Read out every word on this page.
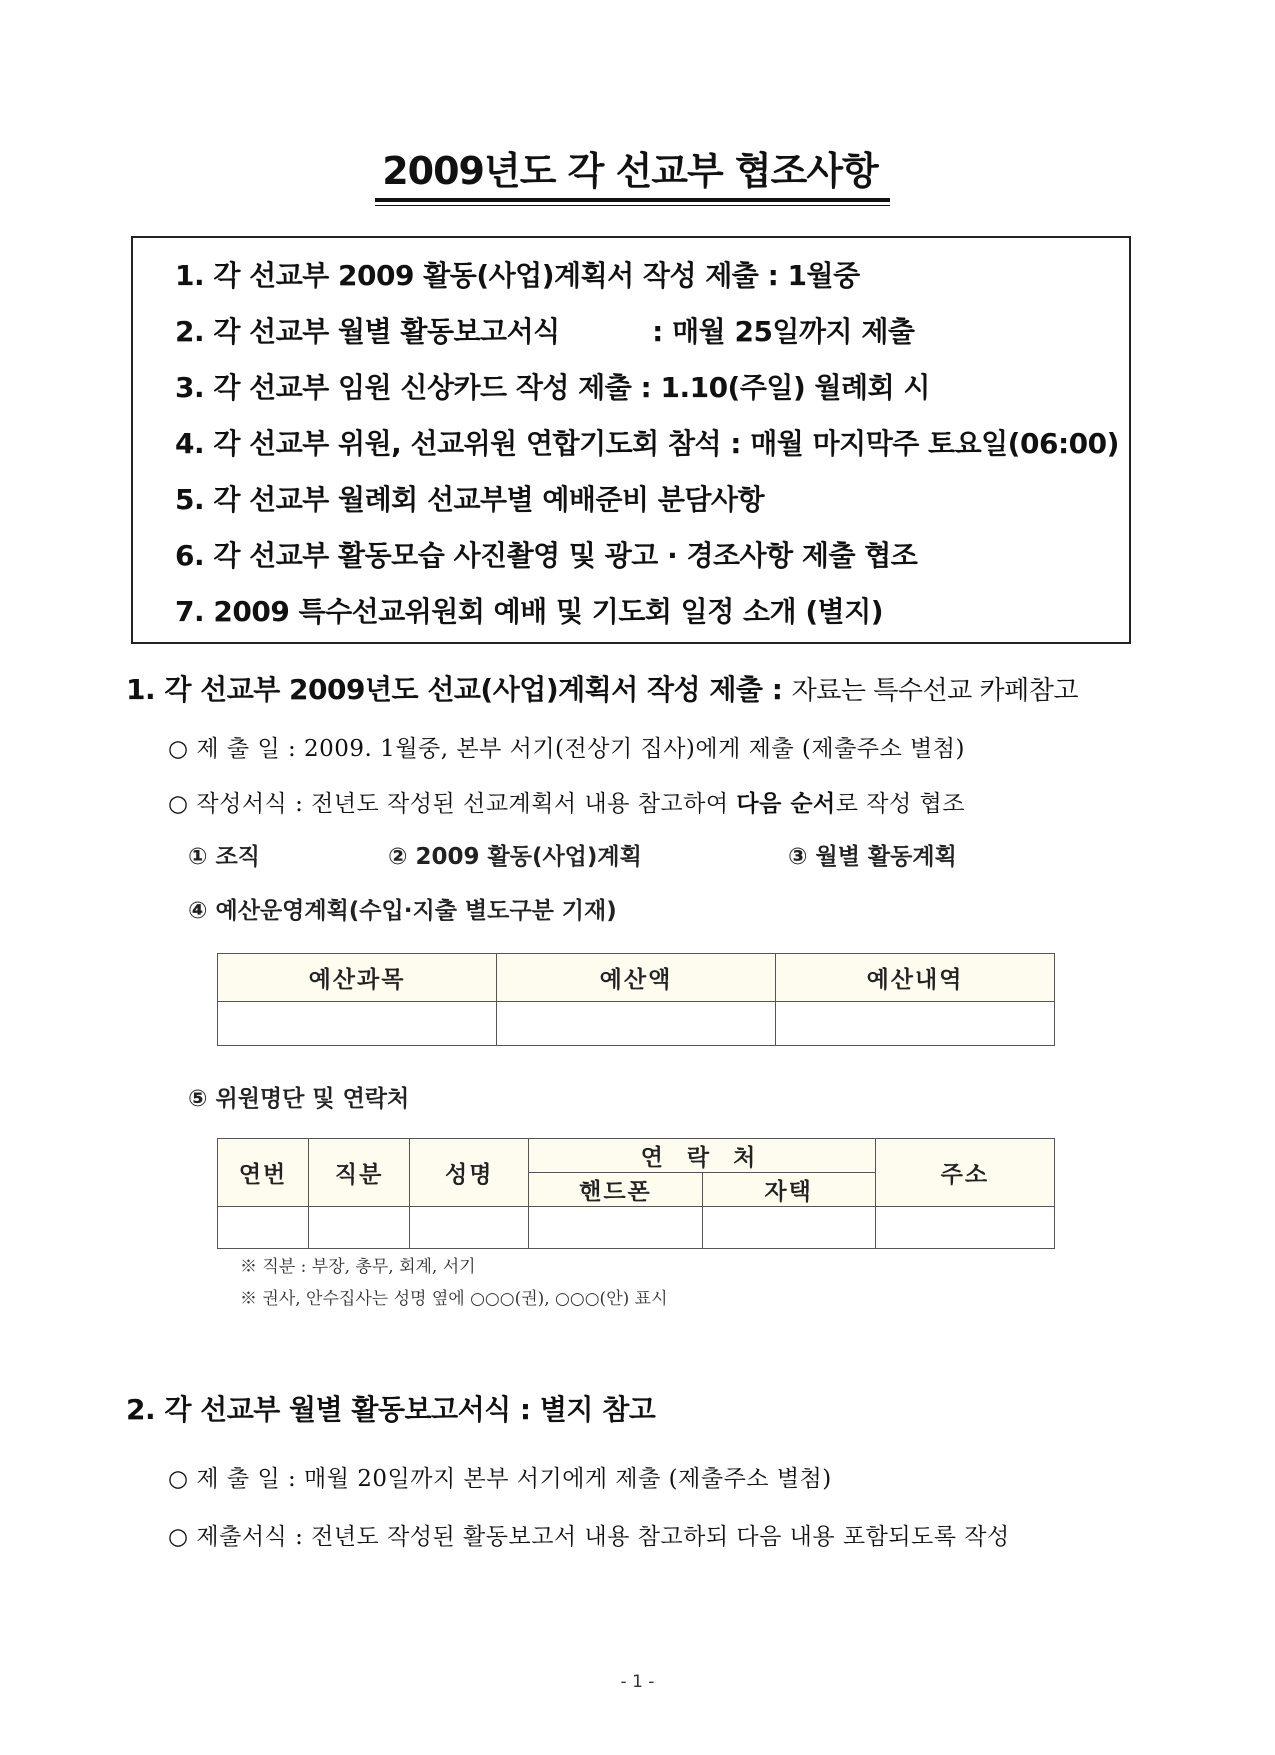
2009년도 각 선교부 협조사항
1. 각 선교부 2009 활동(사업)계획서 작성 제출 : 1월중
2. 각 선교부 월별 활동보고서식          : 매월 25일까지 제출
3. 각 선교부 임원 신상카드 작성 제출 : 1.10(주일) 월례회 시
4. 각 선교부 위원, 선교위원 연합기도회 참석 : 매월 마지막주 토요일(06:00)
5. 각 선교부 월례회 선교부별 예배준비 분담사항
6. 각 선교부 활동모습 사진촬영 및 광고 · 경조사항 제출 협조
7. 2009 특수선교위원회 예배 및 기도회 일정 소개 (별지)
1. 각 선교부 2009년도 선교(사업)계획서 작성 제출 : 자료는 특수선교 카페참고
○ 제 출 일 : 2009. 1월중, 본부 서기(전상기 집사)에게 제출 (제출주소 별첨)
○ 작성서식 : 전년도 작성된 선교계획서 내용 참고하여 다음 순서로 작성 협조
① 조직	② 2009 활동(사업)계획	③ 월별 활동계획
④ 예산운영계획(수입·지출 별도구분 기재)
예산과목	예산액	예산내역

⑤ 위원명단 및 연락처
연번	직분	성명	연 락 처		주소
			핸드폰	자택	

※ 직분 : 부장, 총무, 회계, 서기
※ 권사, 안수집사는 성명 옆에 ○○○(권), ○○○(안) 표시
2. 각 선교부 월별 활동보고서식 : 별지 참고
○ 제 출 일 : 매월 20일까지 본부 서기에게 제출 (제출주소 별첨)
○ 제출서식 : 전년도 작성된 활동보고서 내용 참고하되 다음 내용 포함되도록 작성
- 1 -
